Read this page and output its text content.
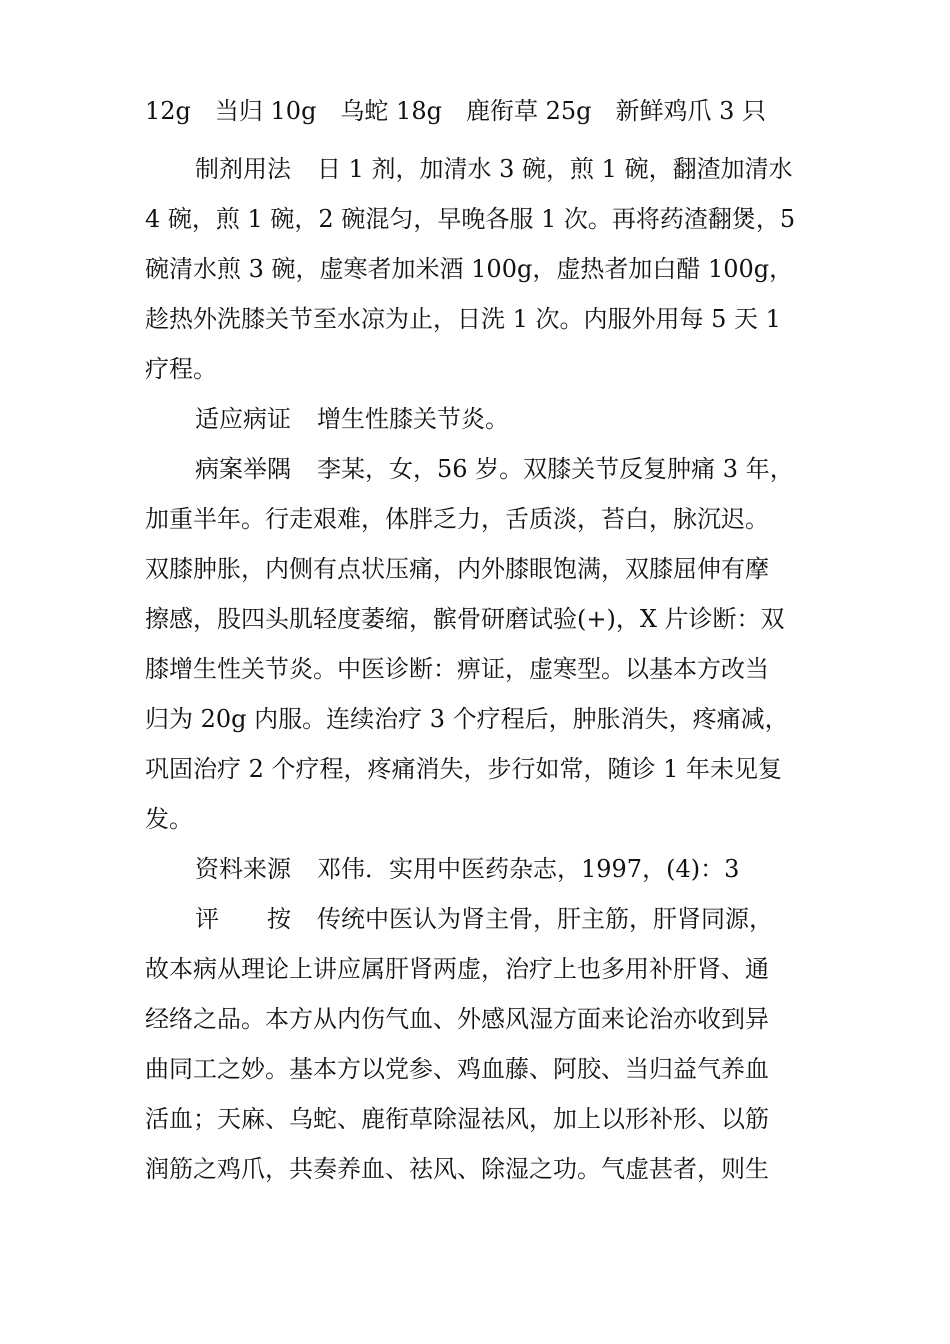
12g　当归 10g　乌蛇 18g　鹿衔草 25g　新鲜鸡爪 3 只
制剂用法 日 1 剂，加清水 3 碗，煎 1 碗，翻渣加清水
4 碗，煎 1 碗，2 碗混匀，早晚各服 1 次。再将药渣翻煲，5
碗清水煎 3 碗，虚寒者加米酒 100g，虚热者加白醋 100g，
趁热外洗膝关节至水凉为止，日洗 1 次。内服外用每 5 天 1
疗程。
适应病证 增生性膝关节炎。
病案举隅 李某，女，56 岁。双膝关节反复肿痛 3 年，
加重半年。行走艰难，体胖乏力，舌质淡，苔白，脉沉迟。
双膝肿胀，内侧有点状压痛，内外膝眼饱满，双膝屈伸有摩
擦感，股四头肌轻度萎缩，髌骨研磨试验(+)，X 片诊断：双
膝增生性关节炎。中医诊断：痹证，虚寒型。以基本方改当
归为 20g 内服。连续治疗 3 个疗程后，肿胀消失，疼痛减，
巩固治疗 2 个疗程，疼痛消失，步行如常，随诊 1 年未见复
发。
资料来源 邓伟．实用中医药杂志，1997，(4)：3
评　　按 传统中医认为肾主骨，肝主筋，肝肾同源，
故本病从理论上讲应属肝肾两虚，治疗上也多用补肝肾、通
经络之品。本方从内伤气血、外感风湿方面来论治亦收到异
曲同工之妙。基本方以党参、鸡血藤、阿胶、当归益气养血
活血；天麻、乌蛇、鹿衔草除湿祛风，加上以形补形、以筋
润筋之鸡爪，共奏养血、祛风、除湿之功。气虚甚者，则生
